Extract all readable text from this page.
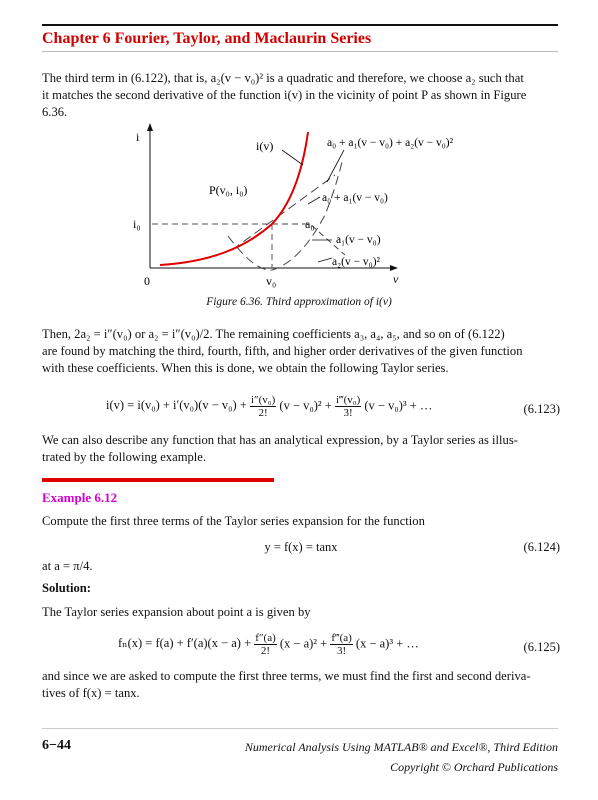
Chapter 6 Fourier, Taylor, and Maclaurin Series

The third term in (6.122), that is, a₂(v − v₀)² is a quadratic and therefore, we choose a₂ such that
it matches the second derivative of the function i(v) in the vicinity of point P as shown in Figure
6.36.

i
v
0
i₀
v₀
i(v)
P(v₀, i₀)
a₀
a₀ + a₁(v − v₀) + a₂(v − v₀)²
a₀ + a₁(v − v₀)
a₁(v − v₀)
a₂(v − v₀)²
Figure 6.36. Third approximation of i(v)

Then, 2a₂ = i″(v₀) or a₂ = i″(v₀)/2. The remaining coefficients a₃, a₄, a₅, and so on of (6.122)
are found by matching the third, fourth, fifth, and higher order derivatives of the given function
with these coefficients. When this is done, we obtain the following Taylor series.

$i(v) = i(v_0) + i'(v_0)(v - v_0) + \frac{\text{i″(v₀)}}{2!} (v - v_0)^2 + \frac{\text{i‴(v₀)}}{3!} (v - v_0)^3$ + …	(6.123)

We can also describe any function that has an analytical expression, by a Taylor series as illus-
trated by the following example.

Example 6.12

Compute the first three terms of the Taylor series expansion for the function

y = f(x) = tanx	(6.124)

at a = π/4.

Solution:

The Taylor series expansion about point a is given by

$f_n(x) = f(a) + f'(a)(x - a) + \frac{f''(a)}{2!} (x - a)^2 + \frac{f‴(a)}{3!} (x - a)^3$ + …	(6.125)

and since we are asked to compute the first three terms, we must find the first and second deriva-
tives of f(x) = tanx.

6−44	Numerical Analysis Using MATLAB® and Excel®, Third Edition
Copyright © Orchard Publications
